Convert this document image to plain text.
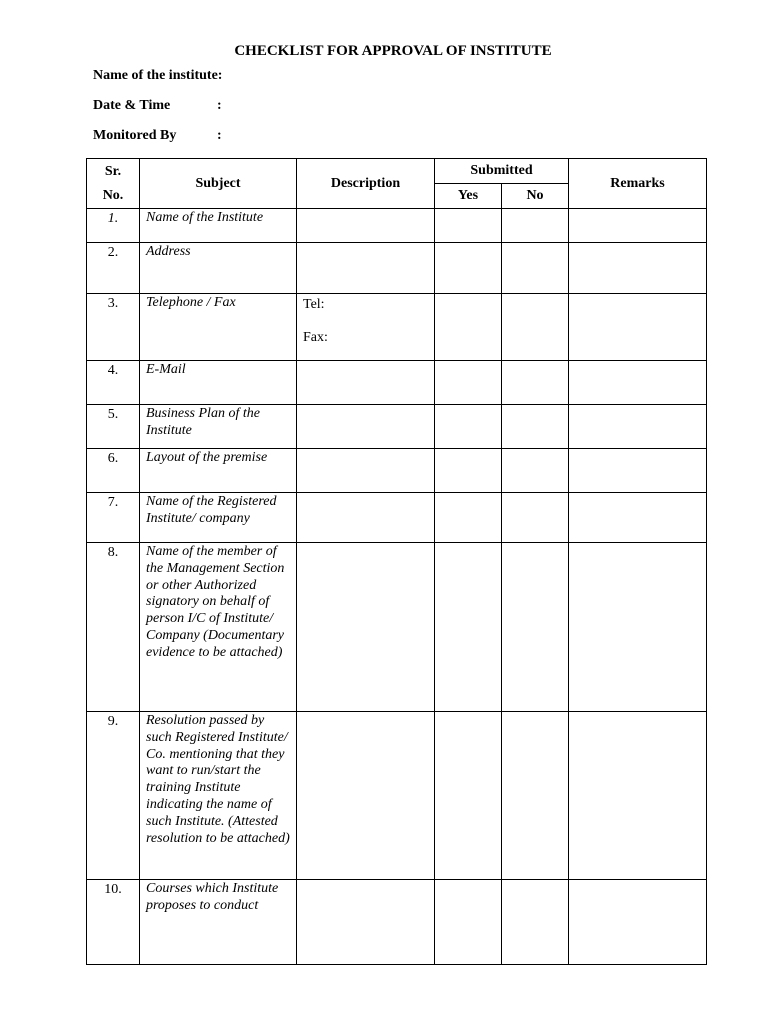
CHECKLIST FOR APPROVAL OF INSTITUTE
Name of the institute:
Date & Time	:
Monitored By	:
Sr.
No.	Subject	Description	Submitted		Remarks
			Yes	No	
1.	Name of the Institute				
2.	Address				
3.	Telephone / Fax	Tel:

Fax:			

4.	E-Mail				
5.	Business Plan of the Institute				
6.	Layout of the premise				
7.	Name of the Registered Institute/ company				
8.	Name of the member of the Management Section or other Authorized signatory on behalf of person I/C of Institute/ Company (Documentary evidence to be attached)				
9.	Resolution passed by such Registered Institute/ Co. mentioning that they want to run/start the training Institute indicating the name of such Institute. (Attested resolution to be attached)				
10.	Courses which Institute proposes to conduct				
